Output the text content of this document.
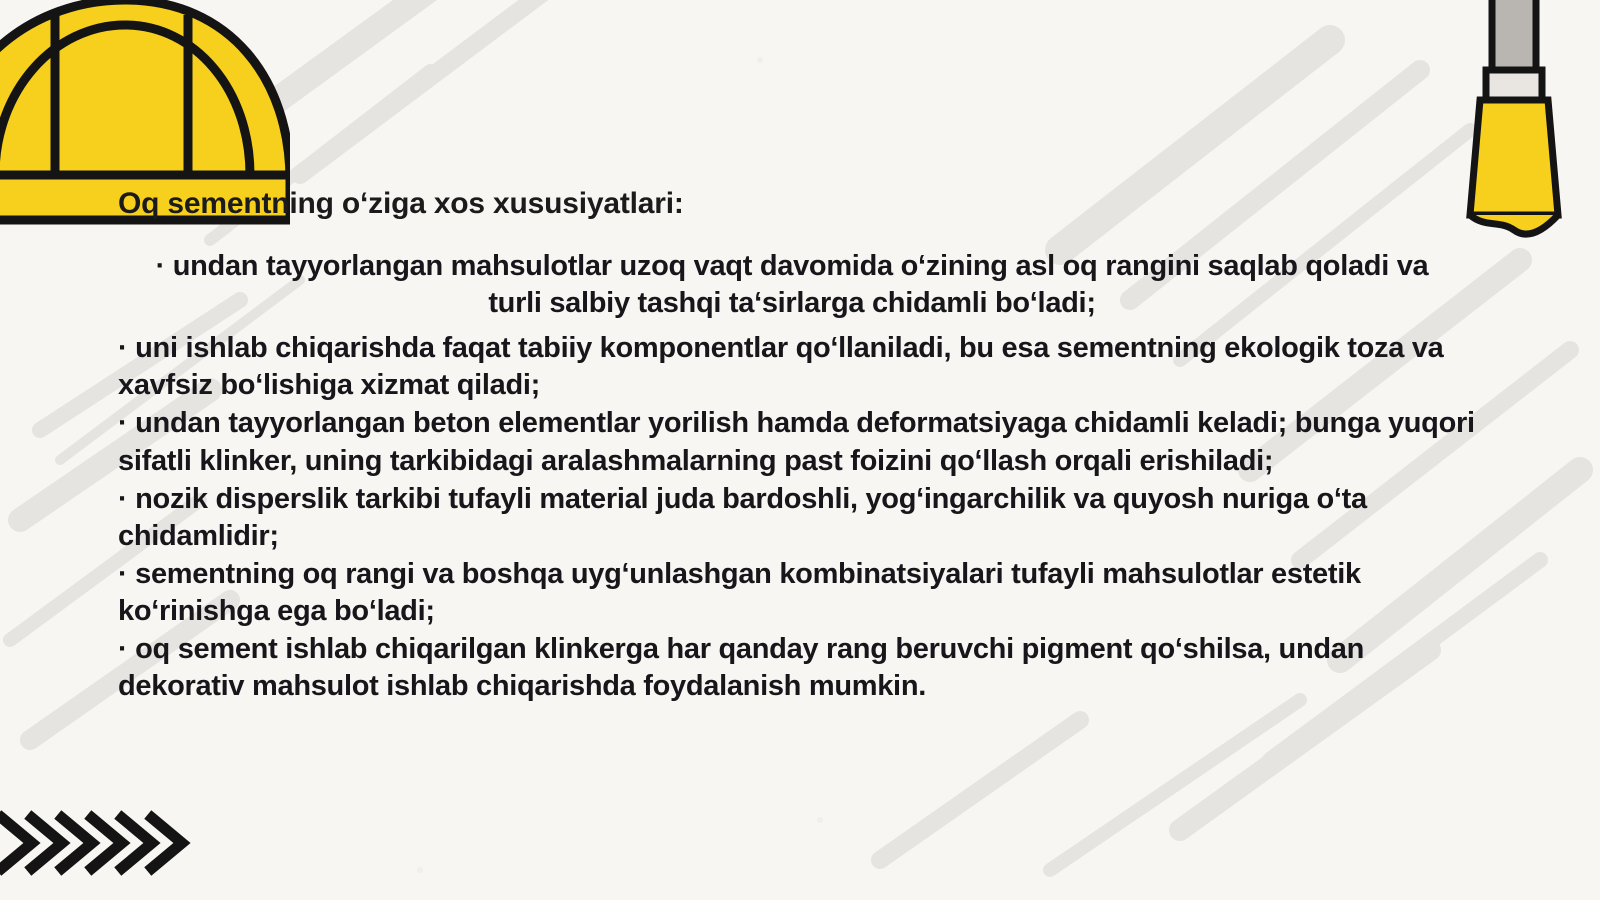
Oq sementning o‘ziga xos xususiyatlari:
· undan tayyorlangan mahsulotlar uzoq vaqt davomida o‘zining asl oq rangini saqlab qoladi va turli salbiy tashqi ta‘sirlarga chidamli bo‘ladi;
· uni ishlab chiqarishda faqat tabiiy komponentlar qo‘llaniladi, bu esa sementning ekologik toza va xavfsiz bo‘lishiga xizmat qiladi;
· undan tayyorlangan beton elementlar yorilish hamda deformatsiyaga chidamli keladi; bunga yuqori sifatli klinker, uning tarkibidagi aralashmalarning past foizini qo‘llash orqali erishiladi;
· nozik disperslik tarkibi tufayli material juda bardoshli, yog‘ingarchilik va quyosh nuriga o‘ta chidamlidir;
· sementning oq rangi va boshqa uyg‘unlashgan kombinatsiyalari tufayli mahsulotlar estetik ko‘rinishga ega bo‘ladi;
· oq sement ishlab chiqarilgan klinkerga har qanday rang beruvchi pigment qo‘shilsa, undan dekorativ mahsulot ishlab chiqarishda foydalanish mumkin.
